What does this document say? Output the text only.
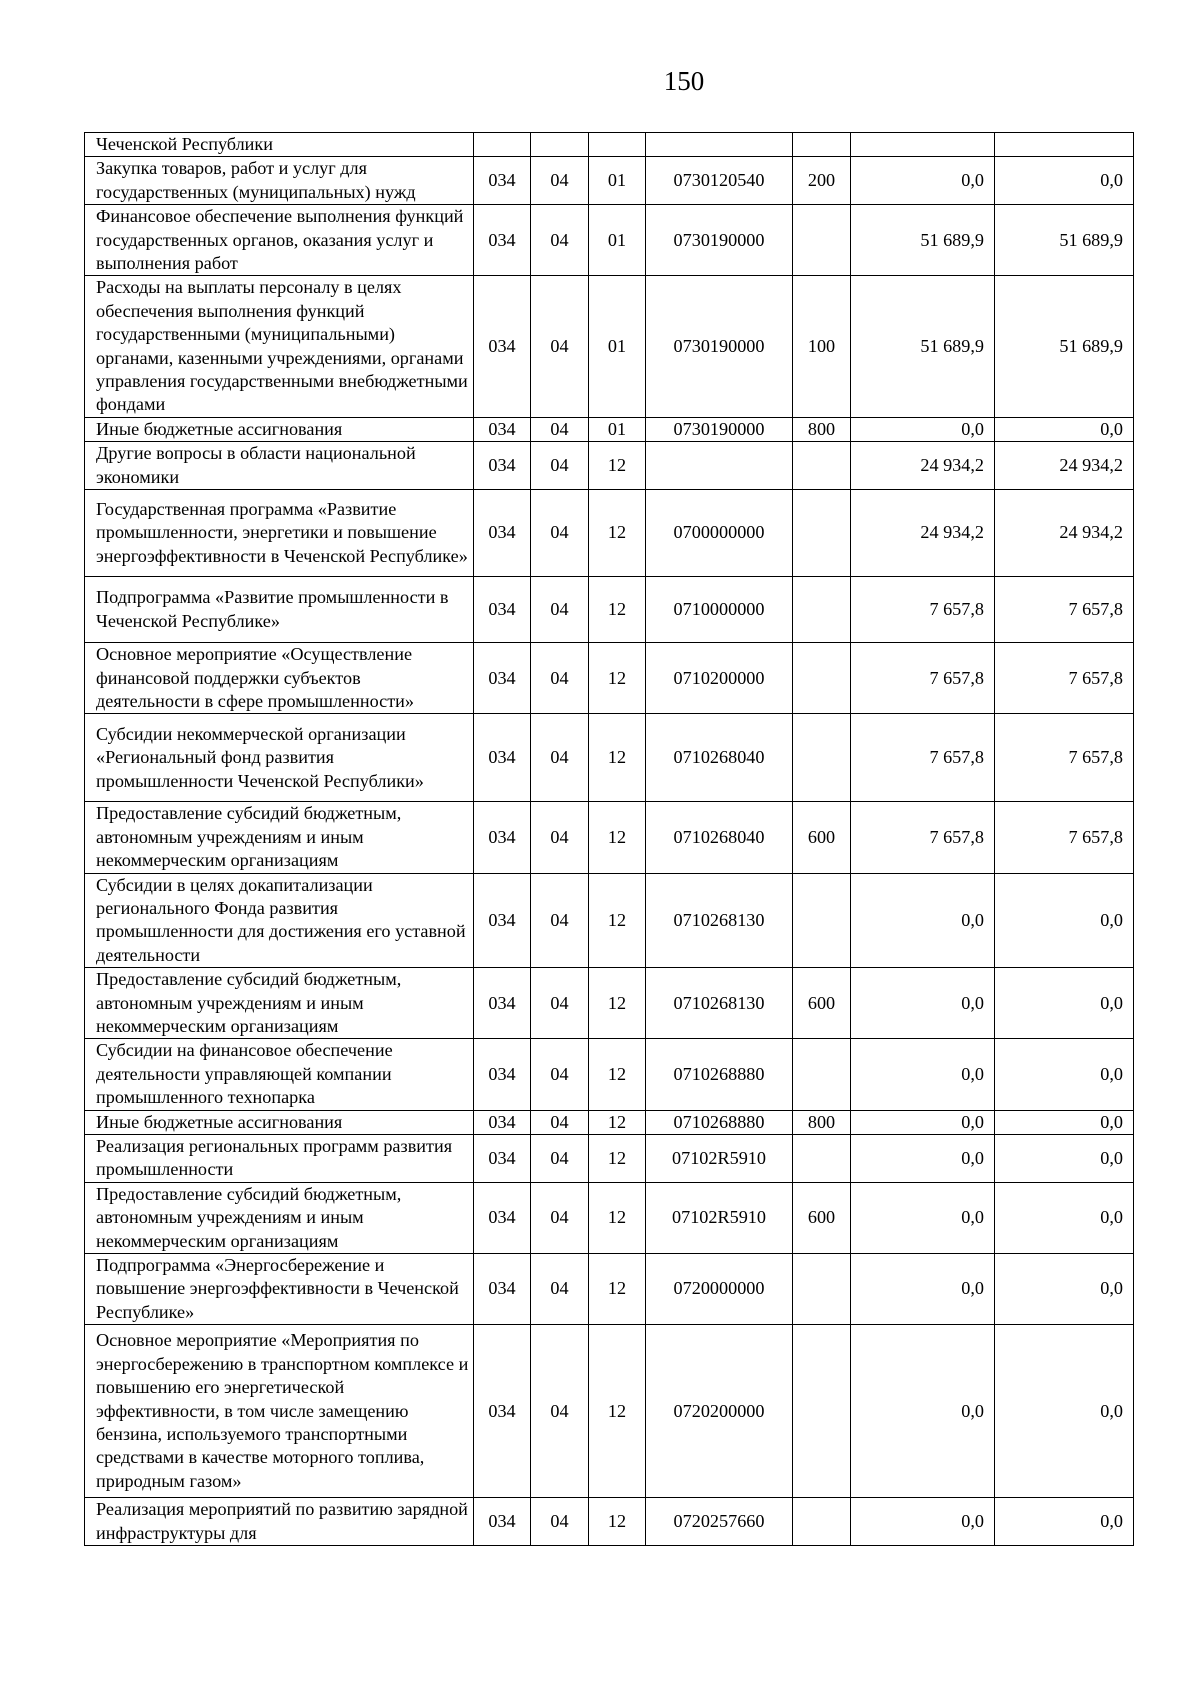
150
Чеченской Республики							
Закупка товаров, работ и услуг для государственных (муниципальных) нужд	034	04	01	0730120540	200	0,0	0,0
Финансовое обеспечение выполнения функций государственных органов, оказания услуг и выполнения работ	034	04	01	0730190000		51 689,9	51 689,9
Расходы на выплаты персоналу в целях обеспечения выполнения функций государственными (муниципальными) органами, казенными учреждениями, органами управления государственными внебюджетными фондами	034	04	01	0730190000	100	51 689,9	51 689,9
Иные бюджетные ассигнования	034	04	01	0730190000	800	0,0	0,0
Другие вопросы в области национальной экономики	034	04	12			24 934,2	24 934,2
Государственная программа «Развитие промышленности, энергетики и повышение энергоэффективности в Чеченской Республике»	034	04	12	0700000000		24 934,2	24 934,2
Подпрограмма «Развитие промышленности в Чеченской Республике»	034	04	12	0710000000		7 657,8	7 657,8
Основное мероприятие «Осуществление финансовой поддержки субъектов деятельности в сфере промышленности»	034	04	12	0710200000		7 657,8	7 657,8
Субсидии некоммерческой организации «Региональный фонд развития промышленности Чеченской Республики»	034	04	12	0710268040		7 657,8	7 657,8
Предоставление субсидий бюджетным, автономным учреждениям и иным некоммерческим организациям	034	04	12	0710268040	600	7 657,8	7 657,8
Субсидии в целях докапитализации регионального Фонда развития промышленности для достижения его уставной деятельности	034	04	12	0710268130		0,0	0,0
Предоставление субсидий бюджетным, автономным учреждениям и иным некоммерческим организациям	034	04	12	0710268130	600	0,0	0,0
Субсидии на финансовое обеспечение деятельности управляющей компании промышленного технопарка	034	04	12	0710268880		0,0	0,0
Иные бюджетные ассигнования	034	04	12	0710268880	800	0,0	0,0
Реализация региональных программ развития промышленности	034	04	12	07102R5910		0,0	0,0
Предоставление субсидий бюджетным, автономным учреждениям и иным некоммерческим организациям	034	04	12	07102R5910	600	0,0	0,0
Подпрограмма «Энергосбережение и повышение энергоэффективности в Чеченской Республике»	034	04	12	0720000000		0,0	0,0
Основное мероприятие «Мероприятия по энергосбережению в транспортном комплексе и повышению его энергетической эффективности, в том числе замещению бензина, используемого транспортными средствами в качестве моторного топлива, природным газом»	034	04	12	0720200000		0,0	0,0
Реализация мероприятий по развитию зарядной инфраструктуры для	034	04	12	0720257660		0,0	0,0
